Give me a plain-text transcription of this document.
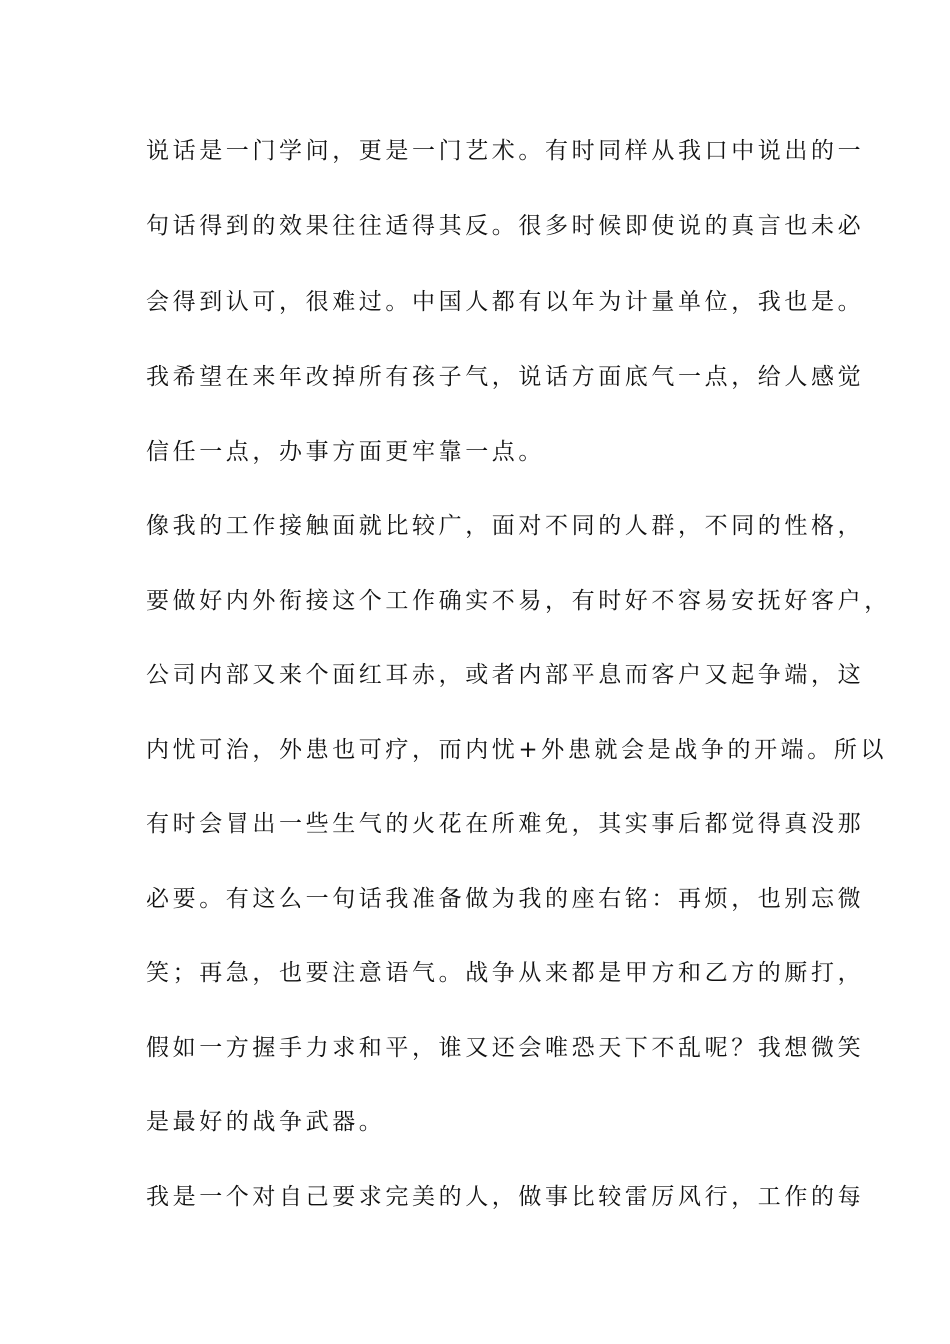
说话是一门学问，更是一门艺术。有时同样从我口中说出的一
句话得到的效果往往适得其反。很多时候即使说的真言也未必
会得到认可，很难过。中国人都有以年为计量单位，我也是。
我希望在来年改掉所有孩子气，说话方面底气一点，给人感觉
信任一点，办事方面更牢靠一点。
像我的工作接触面就比较广，面对不同的人群，不同的性格，
要做好内外衔接这个工作确实不易，有时好不容易安抚好客户，
公司内部又来个面红耳赤，或者内部平息而客户又起争端，这
内忧可治，外患也可疗，而内忧+外患就会是战争的开端。所以
有时会冒出一些生气的火花在所难免，其实事后都觉得真没那
必要。有这么一句话我准备做为我的座右铭：再烦，也别忘微
笑；再急，也要注意语气。战争从来都是甲方和乙方的厮打，
假如一方握手力求和平，谁又还会唯恐天下不乱呢？我想微笑
是最好的战争武器。
我是一个对自己要求完美的人，做事比较雷厉风行，工作的每
